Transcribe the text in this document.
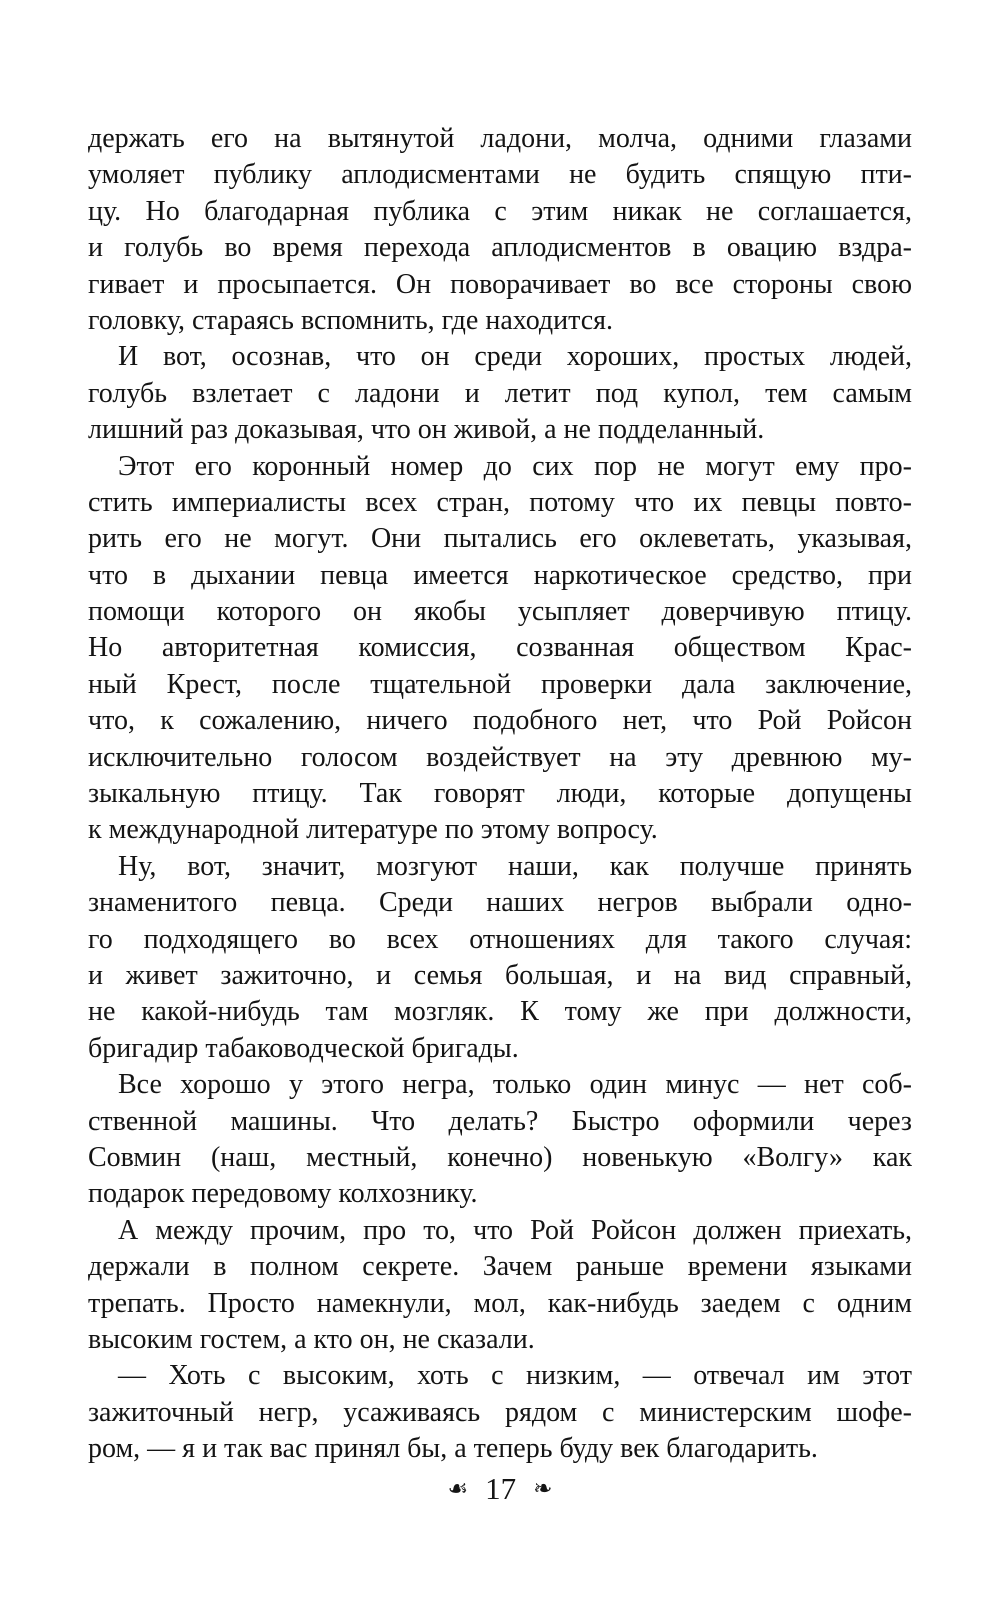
держать его на вытянутой ладони, молча, одними глазами
умоляет публику аплодисментами не будить спящую пти-
цу. Но благодарная публика с этим никак не соглашается,
и голубь во время перехода аплодисментов в овацию вздра-
гивает и просыпается. Он поворачивает во все стороны свою
головку, стараясь вспомнить, где находится.
И вот, осознав, что он среди хороших, простых людей,
голубь взлетает с ладони и летит под купол, тем самым
лишний раз доказывая, что он живой, а не подделанный.
Этот его коронный номер до сих пор не могут ему про-
стить империалисты всех стран, потому что их певцы повто-
рить его не могут. Они пытались его оклеветать, указывая,
что в дыхании певца имеется наркотическое средство, при
помощи которого он якобы усыпляет доверчивую птицу.
Но авторитетная комиссия, созванная обществом Крас-
ный Крест, после тщательной проверки дала заключение,
что, к сожалению, ничего подобного нет, что Рой Ройсон
исключительно голосом воздействует на эту древнюю му-
зыкальную птицу. Так говорят люди, которые допущены
к международной литературе по этому вопросу.
Ну, вот, значит, мозгуют наши, как получше принять
знаменитого певца. Среди наших негров выбрали одно-
го подходящего во всех отношениях для такого случая:
и живет зажиточно, и семья большая, и на вид справный,
не какой-нибудь там мозгляк. К тому же при должности,
бригадир табаководческой бригады.
Все хорошо у этого негра, только один минус — нет соб-
ственной машины. Что делать? Быстро оформили через
Совмин (наш, местный, конечно) новенькую «Волгу» как
подарок передовому колхознику.
А между прочим, про то, что Рой Ройсон должен приехать,
держали в полном секрете. Зачем раньше времени языками
трепать. Просто намекнули, мол, как-нибудь заедем с одним
высоким гостем, а кто он, не сказали.
— Хоть с высоким, хоть с низким, — отвечал им этот
зажиточный негр, усаживаясь рядом с министерским шофе-
ром, — я и так вас принял бы, а теперь буду век благодарить.
☙ 17 ❧
